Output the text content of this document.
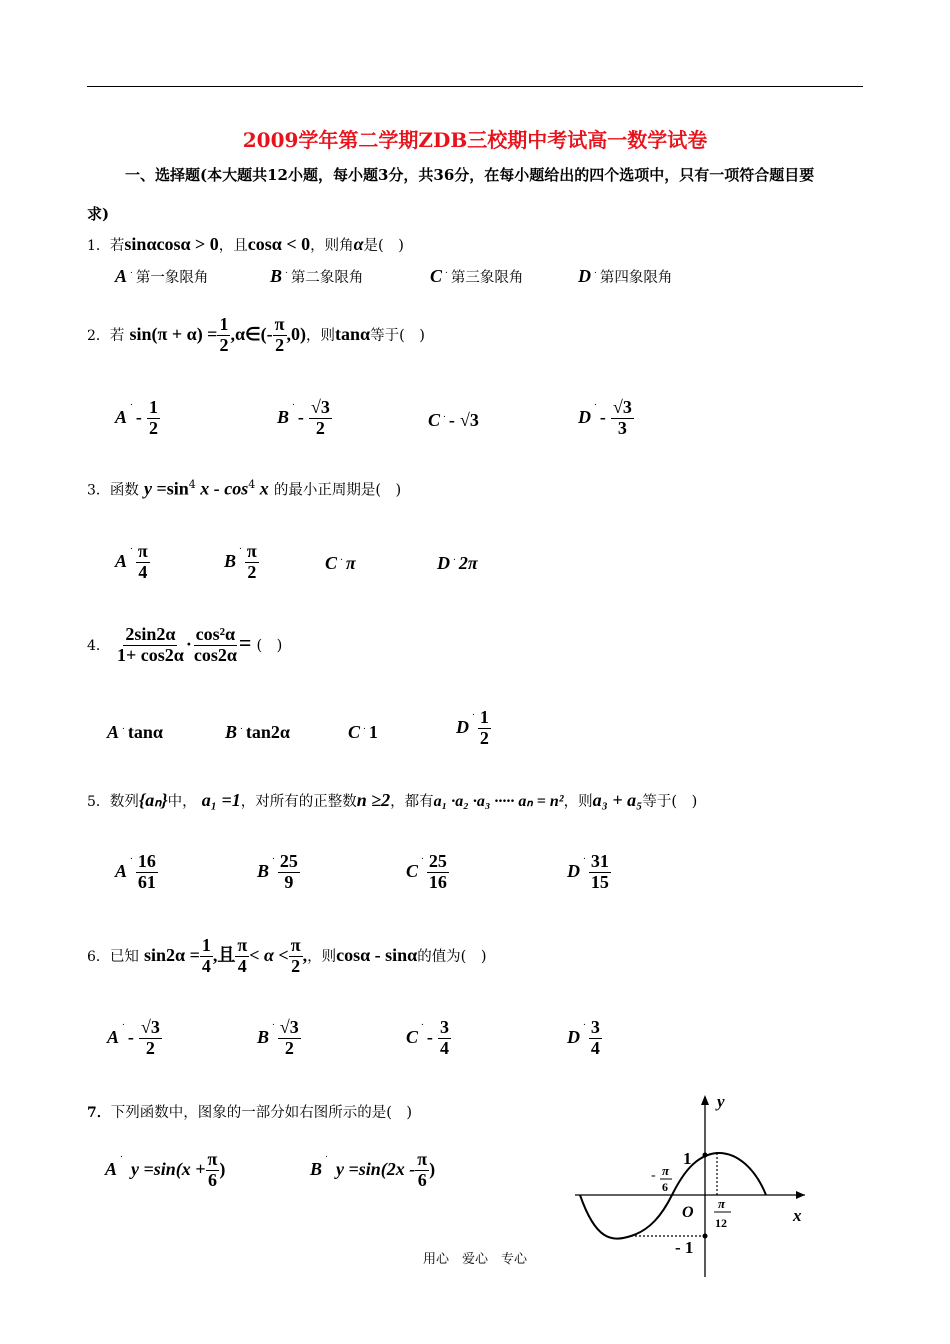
2009学年第二学期ZDB三校期中考试高一数学试卷
一、选择题(本大题共12小题，每小题3分，共36分，在每小题给出的四个选项中，只有一项符合题目要
求)
1．若sinαcosα > 0，且cosα < 0，则角α是(　)
A . 第一象限角	B . 第二象限角	C . 第三象限角	D . 第四象限角
2．若 $\sin(\pi + \alpha) = \frac{1}{2}$ ,α∈(- $\frac{\pi}{2} ,0$)，则tanα等于(　)
$A^.- \frac{1}{2}$	$B^.- \frac{√3}{2}$	C . - √3	$D^.- \frac{√3}{3}$
3．函数 $y =\sin^4$ x - $\cos^4 x$ 的最小正周期是(　)
$A^. \frac{\pi}{4}$	$B^. \frac{\pi}{2}$	C . π	D . 2π
4． $\frac{2\sin 2\alpha}{1+ \cos 2\alpha} \cdot \frac{\text{cos²α}}{\cos 2\alpha}$ = (　)
A . tanα	B . tan2α	C . 1	$D^. \frac{1}{2}$
5．数列{aₙ}中， a₁ =1，对所有的正整数n ≥2，都有a₁ ·a₂ ·a₃ ····· aₙ = n²，则a₃ + a₅等于(　)
$A^. \frac{16}{61}$	$B^. \frac{25}{9}$	$C^. \frac{25}{16}$	$D^. \frac{31}{15}$
6．已知 $\sin 2\alpha = \frac{1}{4}$ ,且 $\frac{\pi}{4} < \alpha < \frac{\pi}{2}$ ,，则cosα - sinα的值为(　)
$A^.- \frac{√3}{2}$	$B^. \frac{√3}{2}$	$C^.- \frac{3}{4}$	$D^. \frac{3}{4}$
7．下列函数中，图象的一部分如右图所示的是(　)
A. $y =\sin(x + \frac{\pi}{6}$ )	B. $y =\sin(2x - \frac{\pi}{6}$ )
y
x
O
1
- 1
- π
6
π
12
用心　爱心　专心
